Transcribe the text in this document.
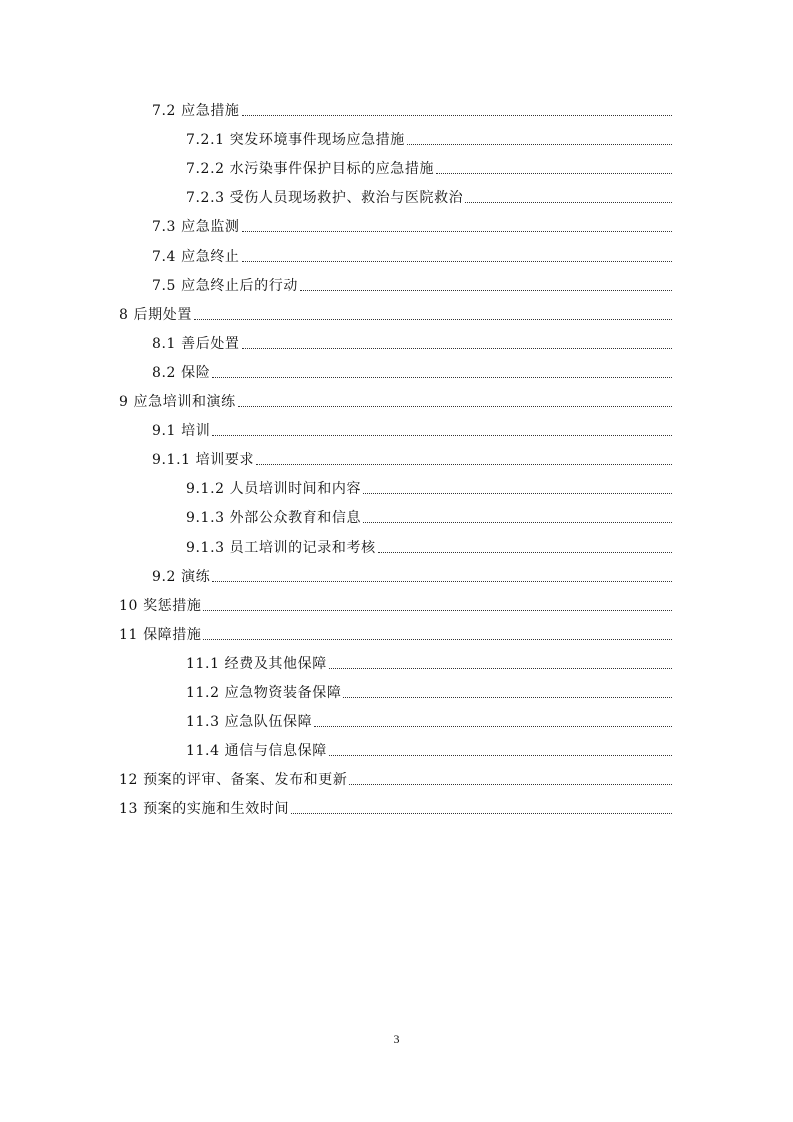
7.2 应急措施
7.2.1 突发环境事件现场应急措施
7.2.2 水污染事件保护目标的应急措施
7.2.3 受伤人员现场救护、救治与医院救治
7.3 应急监测
7.4 应急终止
7.5 应急终止后的行动
8 后期处置
8.1 善后处置
8.2 保险
9 应急培训和演练
9.1 培训
9.1.1 培训要求
9.1.2 人员培训时间和内容
9.1.3 外部公众教育和信息
9.1.3 员工培训的记录和考核
9.2 演练
10 奖惩措施
11 保障措施
11.1 经费及其他保障
11.2 应急物资装备保障
11.3 应急队伍保障
11.4 通信与信息保障
12 预案的评审、备案、发布和更新
13 预案的实施和生效时间
3
